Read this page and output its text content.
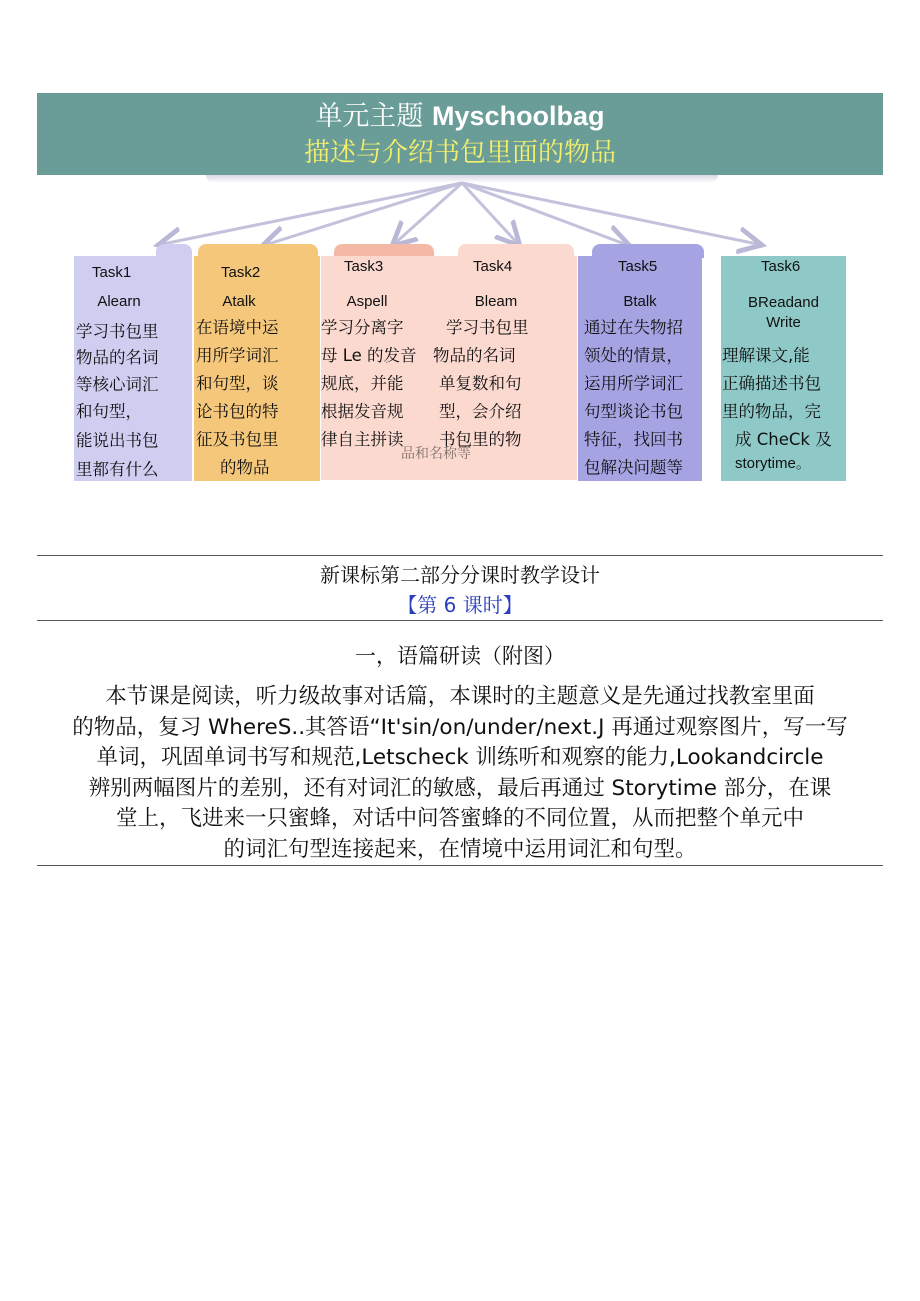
单元主题 Myschoolbag
描述与介绍书包里面的物品
Task1
Alearn
学习书包里
物品的名词
等核心词汇
和句型，
能说出书包
里都有什么
Task2
Atalk
在语境中运
用所学词汇
和句型，谈
论书包的特
征及书包里
的物品
Task3	Task4
Aspell	Bleam
学习分离字
母 Le 的发音
规底，并能
根据发音规
律自主拼读
学习书包里
物品的名词
单复数和句
型，会介绍
书包里的物
品和名称等
Task5
Btalk
通过在失物招
领处的情景，
运用所学词汇
句型谈论书包
特征，找回书
包解决问题等
Task6
BReadand Write
理解课文,能
正确描述书包
里的物品，完
成 CheCk 及
storytime。
新课标第二部分分课时教学设计
【第 6 课时】
一，语篇研读（附图）
本节课是阅读，听力级故事对话篇，本课时的主题意义是先通过找教室里面
的物品，复习 WhereS..其答语“It'sin/on/under/next.J 再通过观察图片，写一写
单词，巩固单词书写和规范,Letscheck 训练听和观察的能力,Lookandcircle
辨别两幅图片的差别，还有对词汇的敏感，最后再通过 Storytime 部分，在课
堂上，飞进来一只蜜蜂，对话中问答蜜蜂的不同位置，从而把整个单元中
的词汇句型连接起来，在情境中运用词汇和句型。
